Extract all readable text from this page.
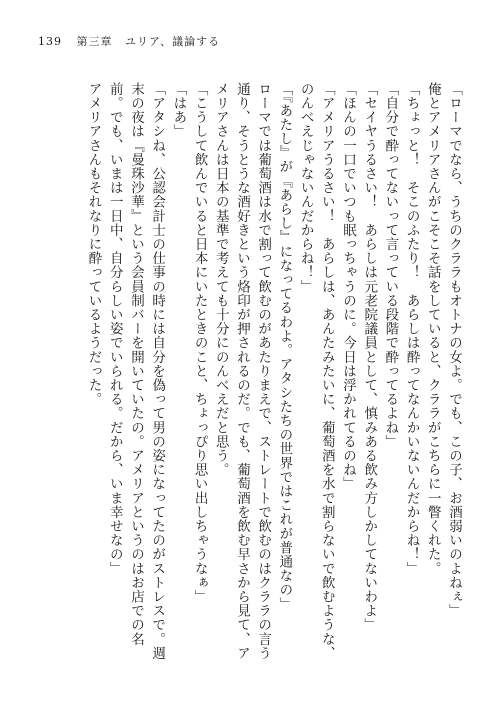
139 第三章 ユリア、議論する

「ローマでなら、うちのクララもオトナの女よ。でも、この子、お酒弱いのよねぇ」

俺とアメリアさんがこそこそ話をしていると、クララがこちらに一瞥くれた。

「ちょっと！　そこのふたり！　あらしは酔ってなんかいないんだからね！」

「自分で酔ってないって言っている段階で酔ってるよね」

「セイヤうるさい！　あらしは元老院議員として、慎みある飲み方しかしてないわよ」

「ほんの一口でいつも眠っちゃうのに。今日は浮かれてるのね」

「アメリアうるさい！　あらしは、あんたみたいに、葡萄酒を水で割らないで飲むような、のんべえじゃないんだからね！」

「『あたし』が『あらし』になってるわよ。アタシたちの世界ではこれが普通なの」

ローマでは葡萄酒は水で割って飲むのがあたりまえで、ストレートで飲むのはクララの言う通り、そうとうな酒好きという烙印が押されるのだ。でも、葡萄酒を飲む早さから見て、アメリアさんは日本の基準で考えても十分にのんべえだと思う。

「こうして飲んでいると日本にいたときのこと、ちょっぴり思い出しちゃうなぁ」

「はあ」

「アタシね、公認会計士の仕事の時には自分を偽って男の姿になってたのがストレスで。週末の夜は『曼珠沙華』という会員制バーを開いていたの。アメリアというのはお店での名前。でも、いまは一日中、自分らしい姿でいられる。だから、いま幸せなの」

アメリアさんもそれなりに酔っているようだった。
